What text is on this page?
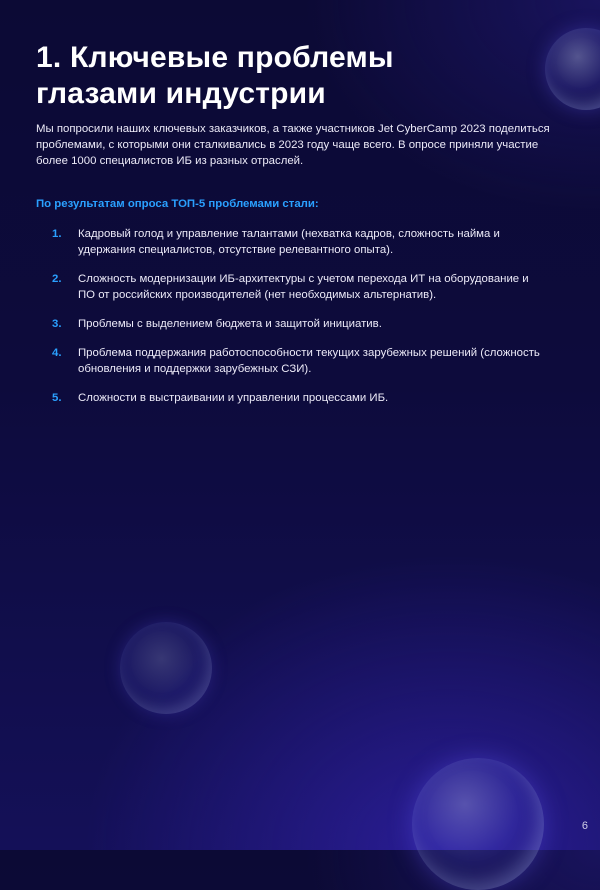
1. Ключевые проблемы
глазами индустрии

Мы попросили наших ключевых заказчиков, а также участников Jet CyberCamp 2023 поделиться проблемами, с которыми они сталкивались в 2023 году чаще всего. В опросе приняли участие более 1000 специалистов ИБ из разных отраслей.

По результатам опроса ТОП-5 проблемами стали:

1.	Кадровый голод и управление талантами (нехватка кадров, сложность найма и удержания специалистов, отсутствие релевантного опыта).
2.	Сложность модернизации ИБ-архитектуры с учетом перехода ИТ на оборудование и ПО от российских производителей (нет необходимых альтернатив).
3.	Проблемы с выделением бюджета и защитой инициатив.
4.	Проблема поддержания работоспособности текущих зарубежных решений (сложность обновления и поддержки зарубежных СЗИ).
5.	Сложности в выстраивании и управлении процессами ИБ.
6
